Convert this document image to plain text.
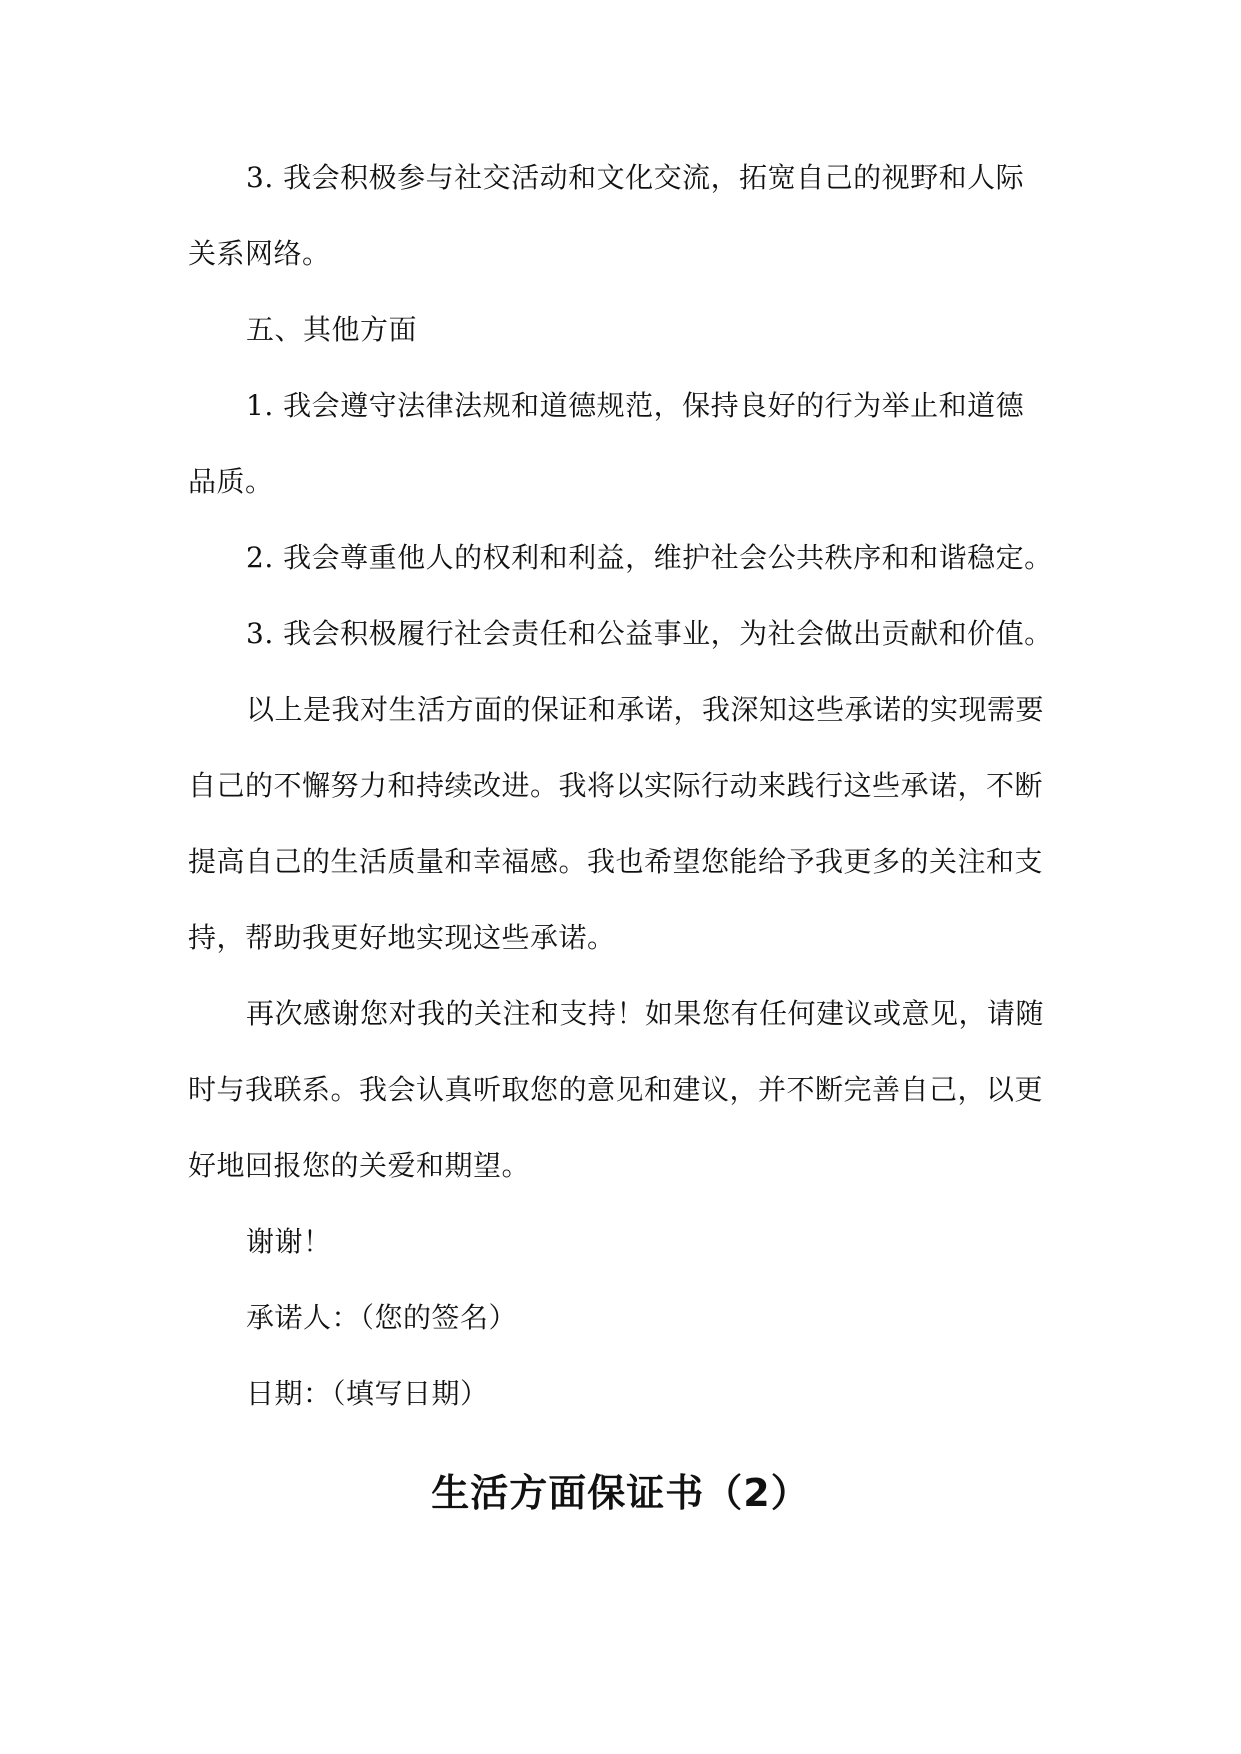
3. 我会积极参与社交活动和文化交流，拓宽自己的视野和人际

关系网络。

五、其他方面

1. 我会遵守法律法规和道德规范，保持良好的行为举止和道德

品质。

2. 我会尊重他人的权利和利益，维护社会公共秩序和和谐稳定。

3. 我会积极履行社会责任和公益事业，为社会做出贡献和价值。

以上是我对生活方面的保证和承诺，我深知这些承诺的实现需要

自己的不懈努力和持续改进。我将以实际行动来践行这些承诺，不断

提高自己的生活质量和幸福感。我也希望您能给予我更多的关注和支

持，帮助我更好地实现这些承诺。

再次感谢您对我的关注和支持！如果您有任何建议或意见，请随

时与我联系。我会认真听取您的意见和建议，并不断完善自己，以更

好地回报您的关爱和期望。

谢谢！

承诺人：（您的签名）

日期：（填写日期）

生活方面保证书（2）
